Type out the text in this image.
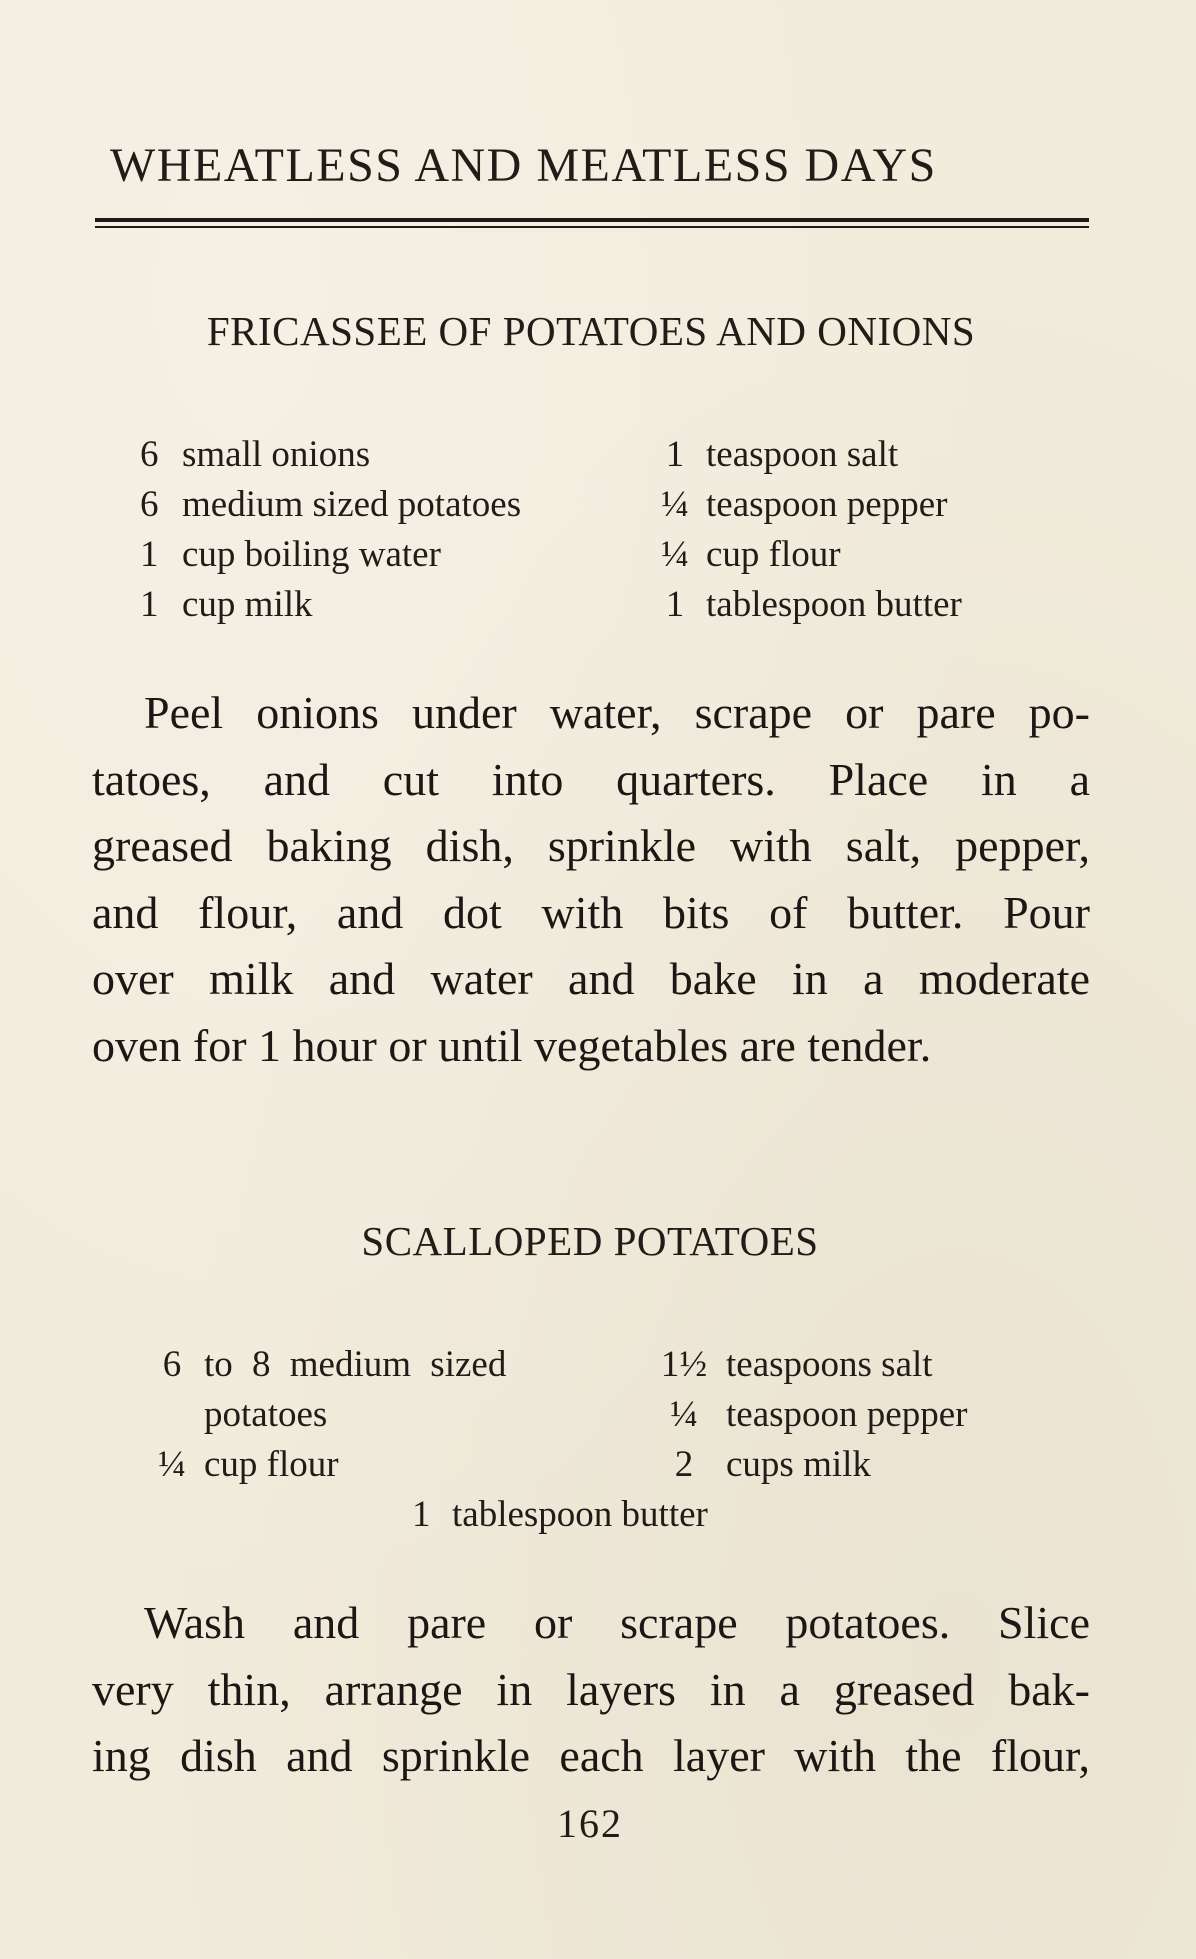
WHEATLESS AND MEATLESS DAYS
FRICASSEE OF POTATOES AND ONIONS
6 small onions
6 medium sized potatoes
1 cup boiling water
1 cup milk
1 teaspoon salt
¼ teaspoon pepper
¼ cup flour
1 tablespoon butter
Peel onions under water, scrape or pare po-
tatoes, and cut into quarters. Place in a
greased baking dish, sprinkle with salt, pepper,
and flour, and dot with bits of butter. Pour
over milk and water and bake in a moderate
oven for 1 hour or until vegetables are tender.
SCALLOPED POTATOES
6 to 8 medium sized
potatoes
¼ cup flour
1½ teaspoons salt
¼ teaspoon pepper
2 cups milk
1 tablespoon butter
Wash and pare or scrape potatoes. Slice
very thin, arrange in layers in a greased bak-
ing dish and sprinkle each layer with the flour,
162
